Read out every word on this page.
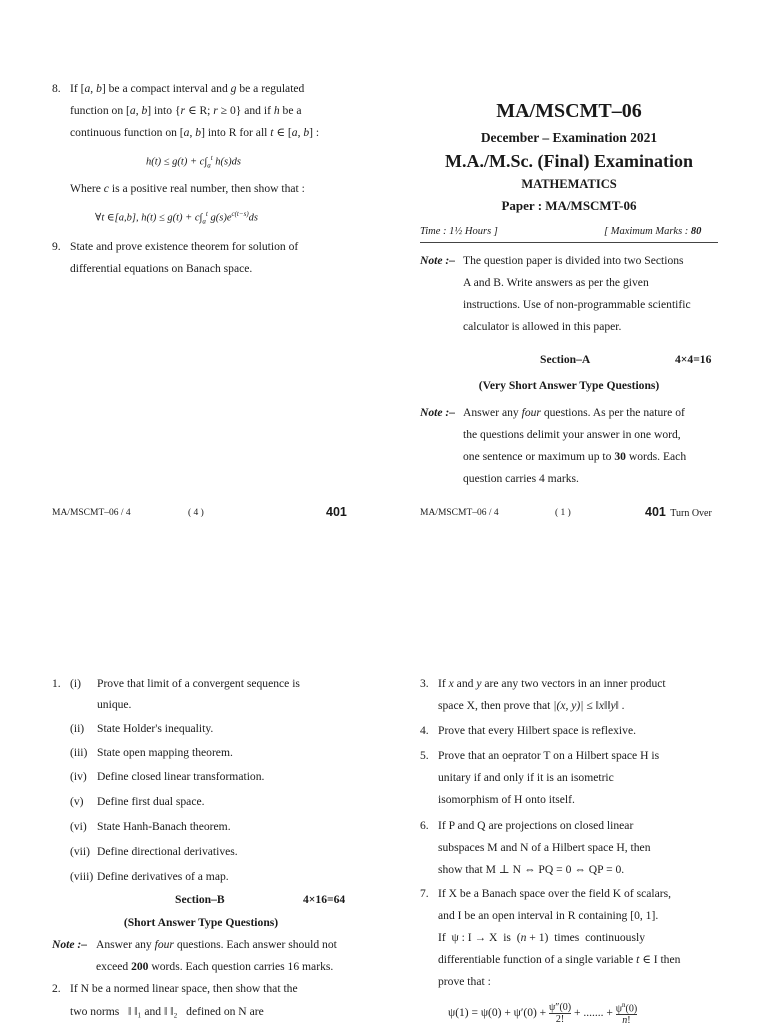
8. If [a, b] be a compact interval and g be a regulated
function on [a, b] into {r ∈ R; r ≥ 0} and if h be a
continuous function on [a, b] into R for all t ∈ [a, b] :
$h(t) \le g(t) + c\int_a^t$ h(s)ds
Where c is a positive real number, then show that :
∀t ∈[a,b], $h(t) \le g(t) + c\int_a^t$ $g(s)e^{c(t-s)}ds$
9. State and prove existence theorem for solution of
differential equations on Banach space.
MA/MSCMT–06 / 4	( 4 )	401
MA/MSCMT–06
December – Examination 2021
M.A./M.Sc. (Final) Examination
MATHEMATICS
Paper : MA/MSCMT-06
Time : 1½ Hours ]	[ Maximum Marks : 80
Note :– The question paper is divided into two Sections
A and B. Write answers as per the given
instructions. Use of non-programmable scientific
calculator is allowed in this paper.
Section–A	4×4=16
(Very Short Answer Type Questions)
Note :– Answer any four questions. As per the nature of
the questions delimit your answer in one word,
one sentence or maximum up to 30 words. Each
question carries 4 marks.
MA/MSCMT–06 / 4	( 1 )	401 Turn Over
1. (i) Prove that limit of a convergent sequence is
unique.
(ii) State Holder's inequality.
(iii) State open mapping theorem.
(iv) Define closed linear transformation.
(v) Define first dual space.
(vi) State Hanh-Banach theorem.
(vii) Define directional derivatives.
(viii) Define derivatives of a map.
Section–B	4×16=64
(Short Answer Type Questions)
Note :– Answer any four questions. Each answer should not
exceed 200 words. Each question carries 16 marks.
2. If N be a normed linear space, then show that the
two norms ‖ ‖₁ and ‖ ‖₂ defined on N are
3. If x and y are any two vectors in an inner product
space X, then prove that |(x, y)| ≤ ‖x‖‖y‖ .
4. Prove that every Hilbert space is reflexive.
5. Prove that an oeprator T on a Hilbert space H is
unitary if and only if it is an isometric
isomorphism of H onto itself.
6. If P and Q are projections on closed linear
subspaces M and N of a Hilbert space H, then
show that M ⊥ N ⇔ PQ = 0 ⇔ QP = 0.
7. If X be a Banach space over the field K of scalars,
and I be an open interval in R containing [0, 1].
If  ψ : I → X  is  (n + 1)  times  continuously
differentiable function of a single variable t ∈ I then
prove that :
$\psi(1) = \psi(0) + \psi'(0) + \frac{\psi''(0)}{2!}$ + ....... + $\frac{\psi^n(0)}{n!}$
